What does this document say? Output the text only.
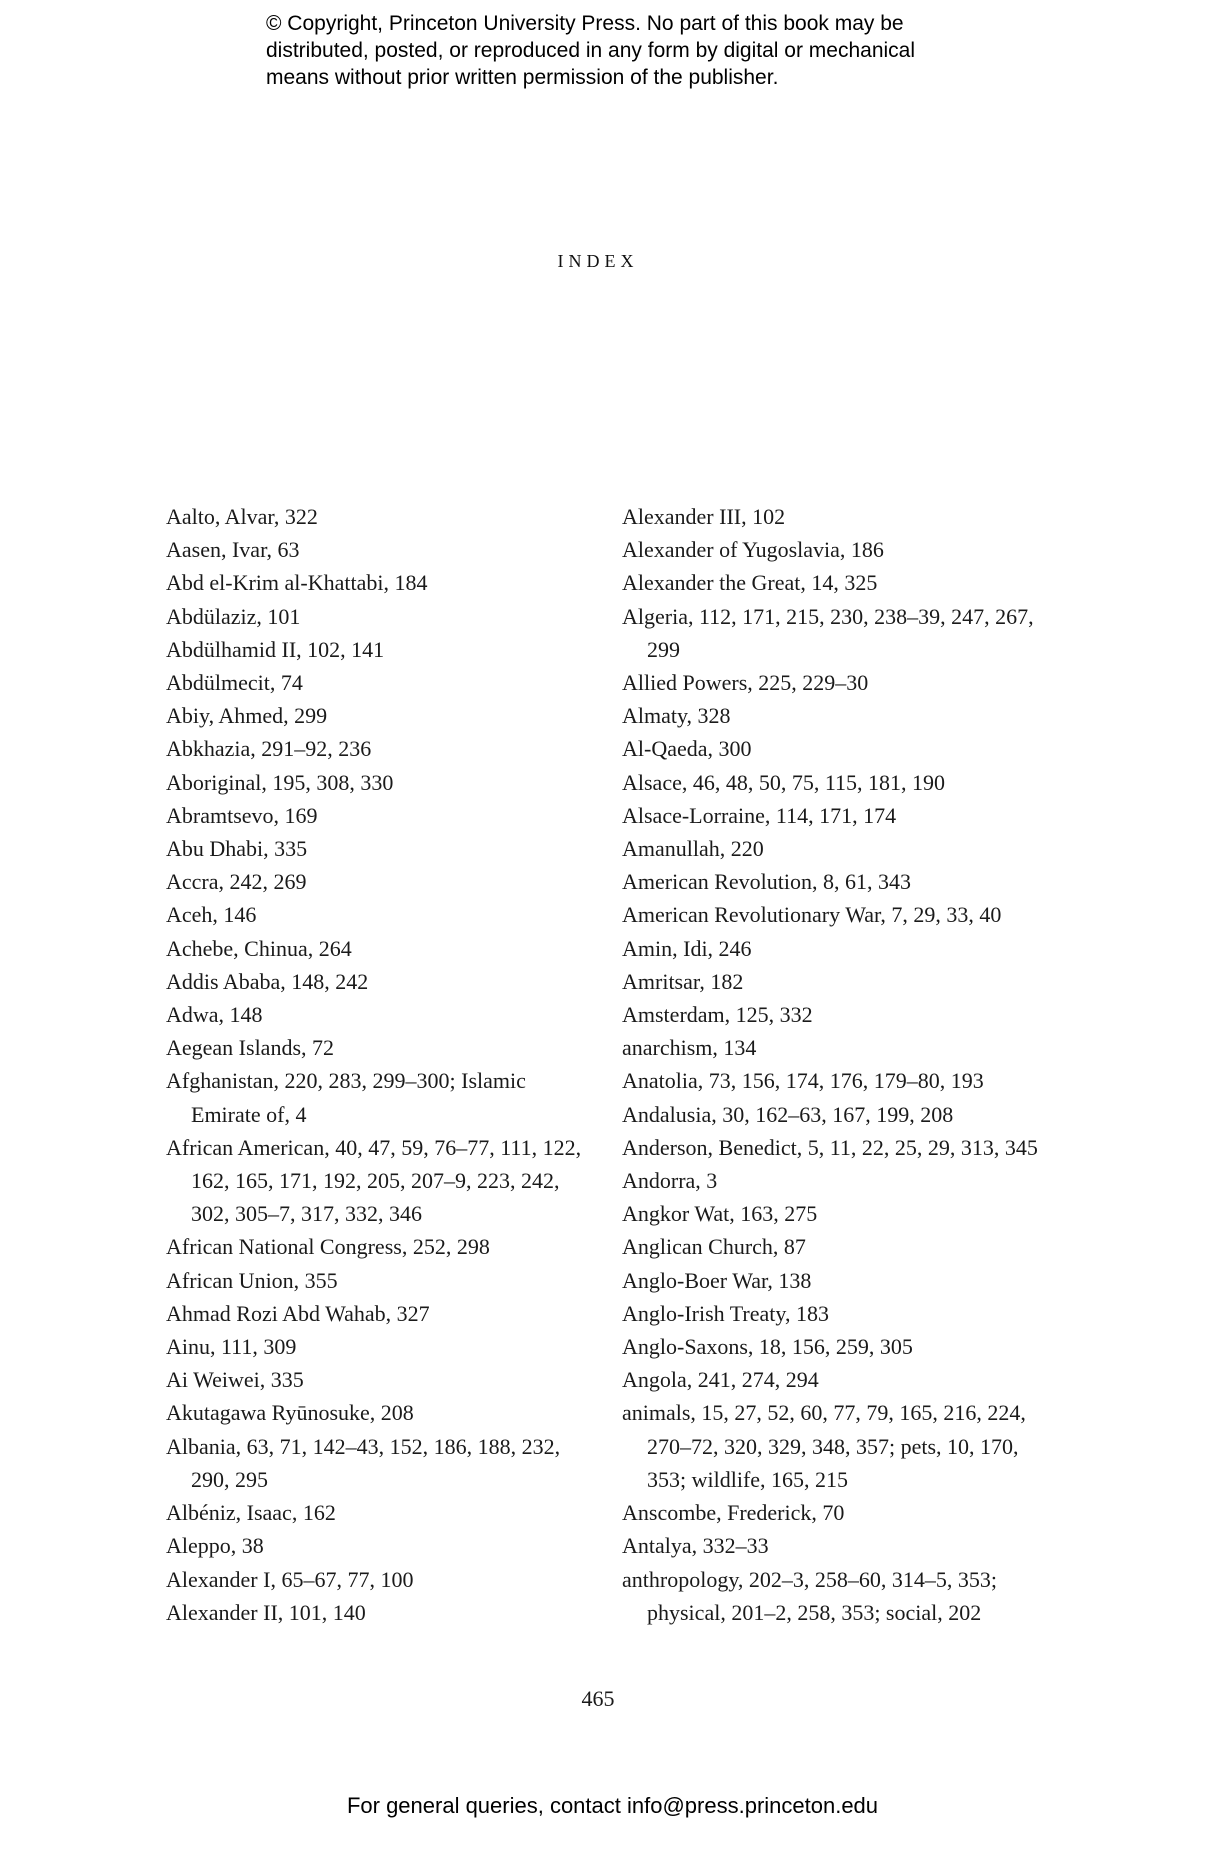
© Copyright, Princeton University Press. No part of this book may be
distributed, posted, or reproduced in any form by digital or mechanical
means without prior written permission of the publisher.
index
Aalto, Alvar, 322
Aasen, Ivar, 63
Abd el-Krim al-Khattabi, 184
Abdülaziz, 101
Abdülhamid II, 102, 141
Abdülmecit, 74
Abiy, Ahmed, 299
Abkhazia, 291–92, 236
Aboriginal, 195, 308, 330
Abramtsevo, 169
Abu Dhabi, 335
Accra, 242, 269
Aceh, 146
Achebe, Chinua, 264
Addis Ababa, 148, 242
Adwa, 148
Aegean Islands, 72
Afghanistan, 220, 283, 299–300; Islamic Emirate of, 4
African American, 40, 47, 59, 76–77, 111, 122, 162, 165, 171, 192, 205, 207–9, 223, 242, 302, 305–7, 317, 332, 346
African National Congress, 252, 298
African Union, 355
Ahmad Rozi Abd Wahab, 327
Ainu, 111, 309
Ai Weiwei, 335
Akutagawa Ryūnosuke, 208
Albania, 63, 71, 142–43, 152, 186, 188, 232, 290, 295
Albéniz, Isaac, 162
Aleppo, 38
Alexander I, 65–67, 77, 100
Alexander II, 101, 140
Alexander III, 102
Alexander of Yugoslavia, 186
Alexander the Great, 14, 325
Algeria, 112, 171, 215, 230, 238–39, 247, 267, 299
Allied Powers, 225, 229–30
Almaty, 328
Al-Qaeda, 300
Alsace, 46, 48, 50, 75, 115, 181, 190
Alsace-Lorraine, 114, 171, 174
Amanullah, 220
American Revolution, 8, 61, 343
American Revolutionary War, 7, 29, 33, 40
Amin, Idi, 246
Amritsar, 182
Amsterdam, 125, 332
anarchism, 134
Anatolia, 73, 156, 174, 176, 179–80, 193
Andalusia, 30, 162–63, 167, 199, 208
Anderson, Benedict, 5, 11, 22, 25, 29, 313, 345
Andorra, 3
Angkor Wat, 163, 275
Anglican Church, 87
Anglo-Boer War, 138
Anglo-Irish Treaty, 183
Anglo-Saxons, 18, 156, 259, 305
Angola, 241, 274, 294
animals, 15, 27, 52, 60, 77, 79, 165, 216, 224, 270–72, 320, 329, 348, 357; pets, 10, 170, 353; wildlife, 165, 215
Anscombe, Frederick, 70
Antalya, 332–33
anthropology, 202–3, 258–60, 314–5, 353; physical, 201–2, 258, 353; social, 202
465
For general queries, contact info@press.princeton.edu
